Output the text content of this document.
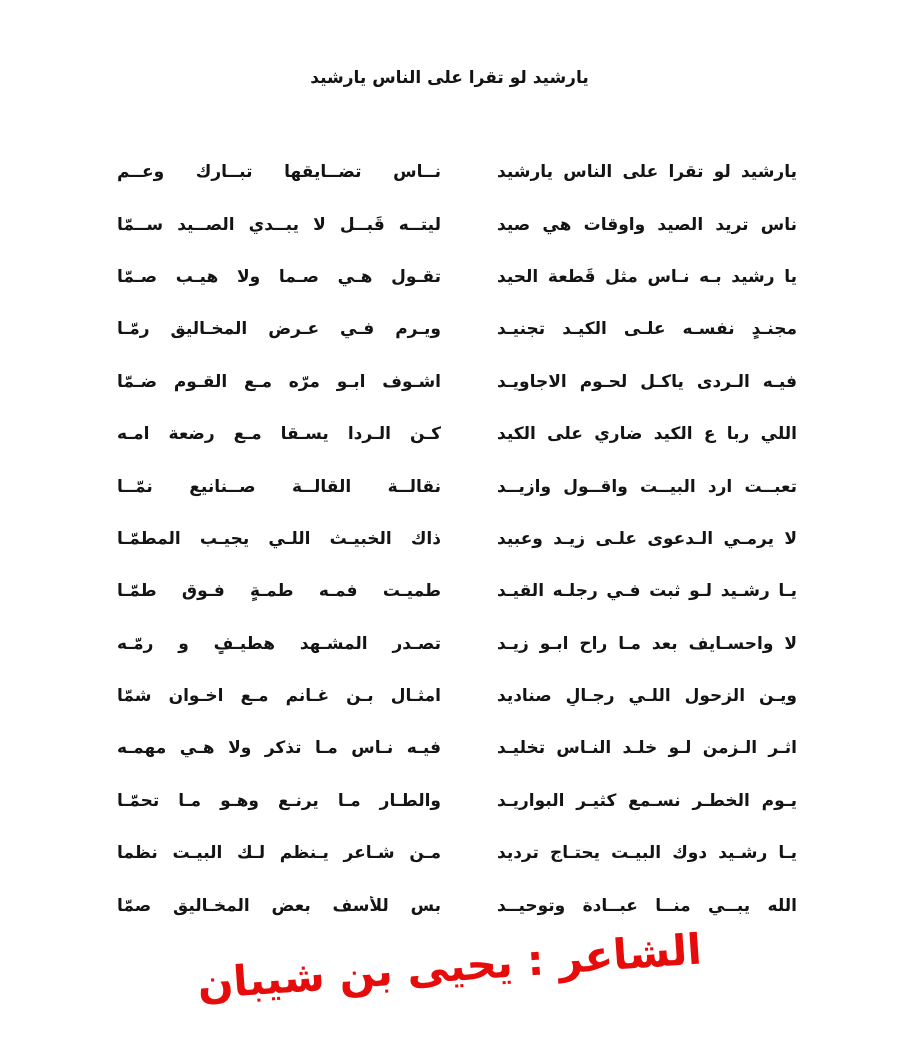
يارشيد لو تقرا على الناس يارشيد
يارشيد لو تقرا على الناس يارشيد
نــاسٍ تضــايقها تبــارك وعــم
ناس تريد الصيد واوقات هي صيد
ليتــه قَبــل لا يبــدي الصــيد ســمّا
يا رشيد بـه نـاس مثل قَطعة الحيد
تقـول هـي صـما ولا هيـب صـمّا
مجنـدٍ نفسـه علـى الكيـد تجنيـد
ويـرم فـي عـرض المخـاليق رمّـا
فيـه الـردى ياكـل لحـوم الاجاويـد
اشـوف ابـو مرّه مـع القـوم ضـمّا
اللي ربا ع الكيد ضاري على الكيد
كـن الـردا يسـقا مـع رضعة امـه
تعبــت ارد البيــت واقــول وازيــد
نقالــة القالــة صــنانيع نمّــا
لا يرمـي الـدعوى علـى زيـد وعبيد
ذاك الخبيـث اللـي يجيـب المطمّـا
يـا رشـيد لـو ثبت فـي رجلـه القيـد
طميـت فمـه طمـةٍ فـوق طمّـا
لا واحسـايف بعد مـا راح ابـو زيـد
تصـدر المشـهد هطيـفٍ و رمّـه
ويـن الزحول اللـي رجـالٍ صناديد
امثـال بـن غـانم مـع اخـوان شمّا
اثـر الـزمن لـو خلـد النـاس تخليـد
فيـه نـاس مـا تذكر ولا هـي مهمـه
يـوم الخطـر نسـمع كثيـر البواريـد
والطـار مـا يرنـع وهـو مـا تحمّـا
يـا رشـيد دوك البيـت يحتـاج ترديد
مـن شـاعرٍ يـنظم لـك البيـت نظما
الله يبــي منــا عبــادة وتوحيــد
بس للأسف بعض المخـاليق صمّا
الشاعر : يحيى بن شيبان
